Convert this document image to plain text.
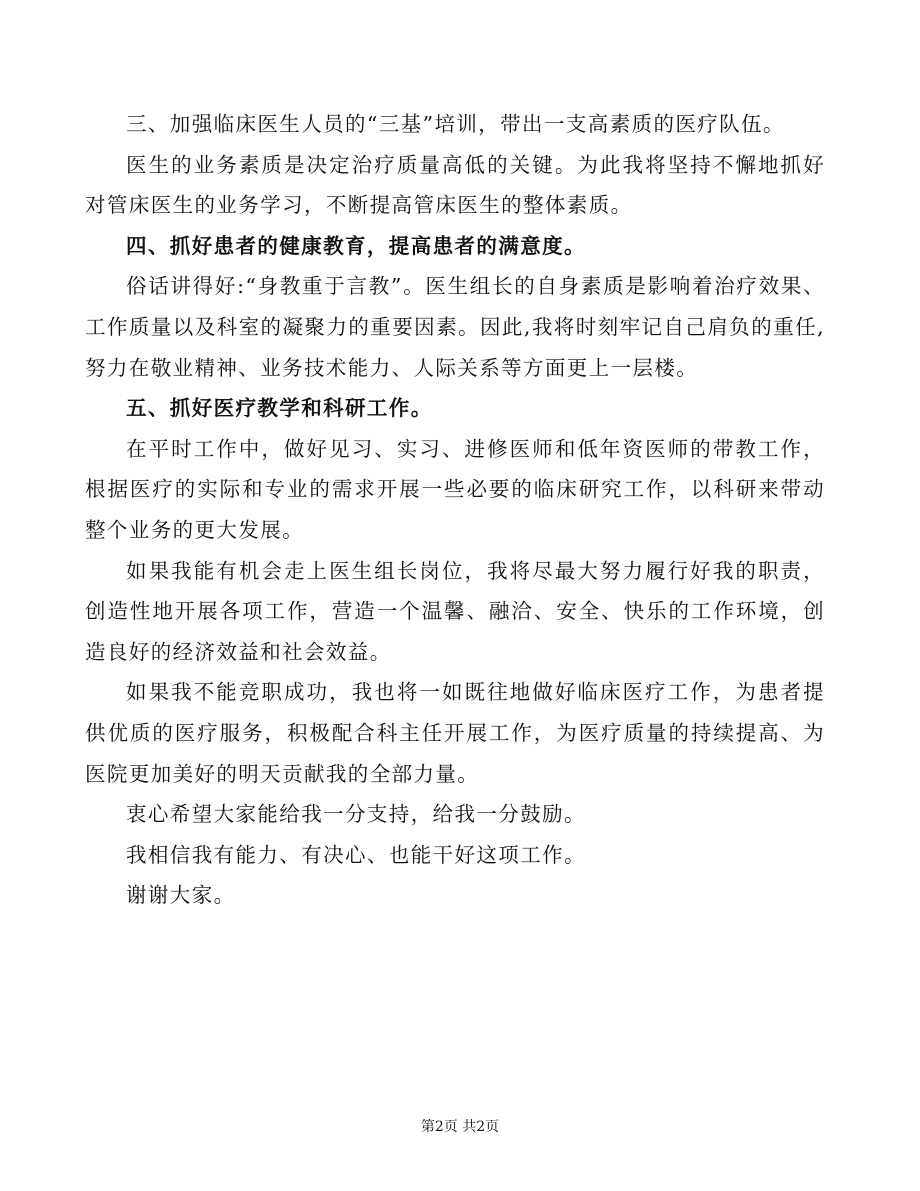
三、加强临床医生人员的“三基”培训，带出一支高素质的医疗队伍。

医生的业务素质是决定治疗质量高低的关键。为此我将坚持不懈地抓好对管床医生的业务学习，不断提高管床医生的整体素质。

四、抓好患者的健康教育，提高患者的满意度。

俗话讲得好:“身教重于言教”。医生组长的自身素质是影响着治疗效果、工作质量以及科室的凝聚力的重要因素。因此,我将时刻牢记自己肩负的重任,努力在敬业精神、业务技术能力、人际关系等方面更上一层楼。

五、抓好医疗教学和科研工作。

在平时工作中，做好见习、实习、进修医师和低年资医师的带教工作，根据医疗的实际和专业的需求开展一些必要的临床研究工作，以科研来带动整个业务的更大发展。

如果我能有机会走上医生组长岗位，我将尽最大努力履行好我的职责，创造性地开展各项工作，营造一个温馨、融洽、安全、快乐的工作环境，创造良好的经济效益和社会效益。

如果我不能竞职成功，我也将一如既往地做好临床医疗工作，为患者提供优质的医疗服务，积极配合科主任开展工作，为医疗质量的持续提高、为医院更加美好的明天贡献我的全部力量。

衷心希望大家能给我一分支持，给我一分鼓励。

我相信我有能力、有决心、也能干好这项工作。

谢谢大家。

第2页 共2页
